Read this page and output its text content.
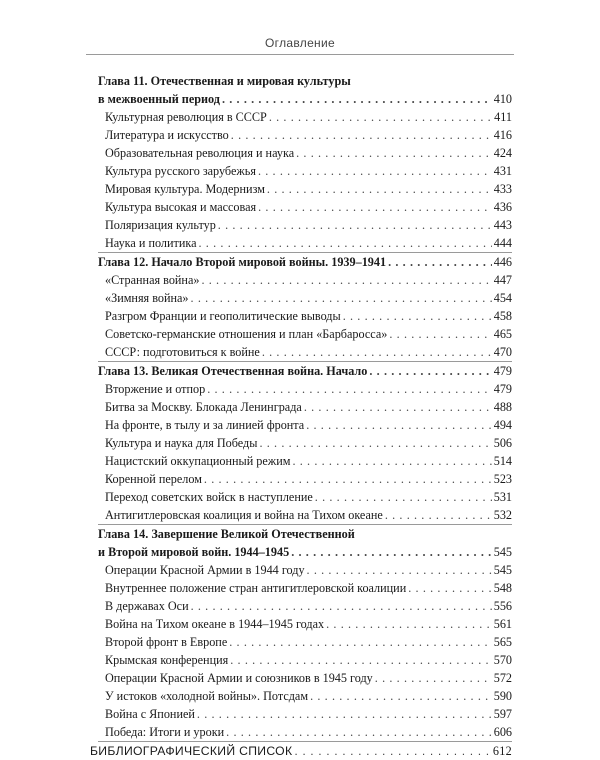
Оглавление
Глава 11. Отечественная и мировая культуры
в межвоенный период . . .	410
Культурная революция в СССР . . .	411
Литература и искусство . . .	416
Образовательная революция и наука . . .	424
Культура русского зарубежья . . .	431
Мировая культура. Модернизм . . .	433
Культура высокая и массовая . . .	436
Поляризация культур . . .	443
Наука и политика . . .	444
Глава 12. Начало Второй мировой войны. 1939–1941 . . .	446
«Странная война» . . .	447
«Зимняя война» . . .	454
Разгром Франции и геополитические выводы . . .	458
Советско-германские отношения и план «Барбаросса» . . .	465
СССР: подготовиться к войне . . .	470
Глава 13. Великая Отечественная война. Начало . . .	479
Вторжение и отпор . . .	479
Битва за Москву. Блокада Ленинграда . . .	488
На фронте, в тылу и за линией фронта . . .	494
Культура и наука для Победы . . .	506
Нацистский оккупационный режим . . .	514
Коренной перелом . . .	523
Переход советских войск в наступление . . .	531
Антигитлеровская коалиция и война на Тихом океане . . .	532
Глава 14. Завершение Великой Отечественной
и Второй мировой войн. 1944–1945 . . .	545
Операции Красной Армии в 1944 году . . .	545
Внутреннее положение стран антигитлеровской коалиции . . .	548
В державах Оси . . .	556
Война на Тихом океане в 1944–1945 годах . . .	561
Второй фронт в Европе . . .	565
Крымская конференция . . .	570
Операции Красной Армии и союзников в 1945 году . . .	572
У истоков «холодной войны». Потсдам . . .	590
Война с Японией . . .	597
Победа: Итоги и уроки . . .	606
БИБЛИОГРАФИЧЕСКИЙ СПИСОК . . .	612
